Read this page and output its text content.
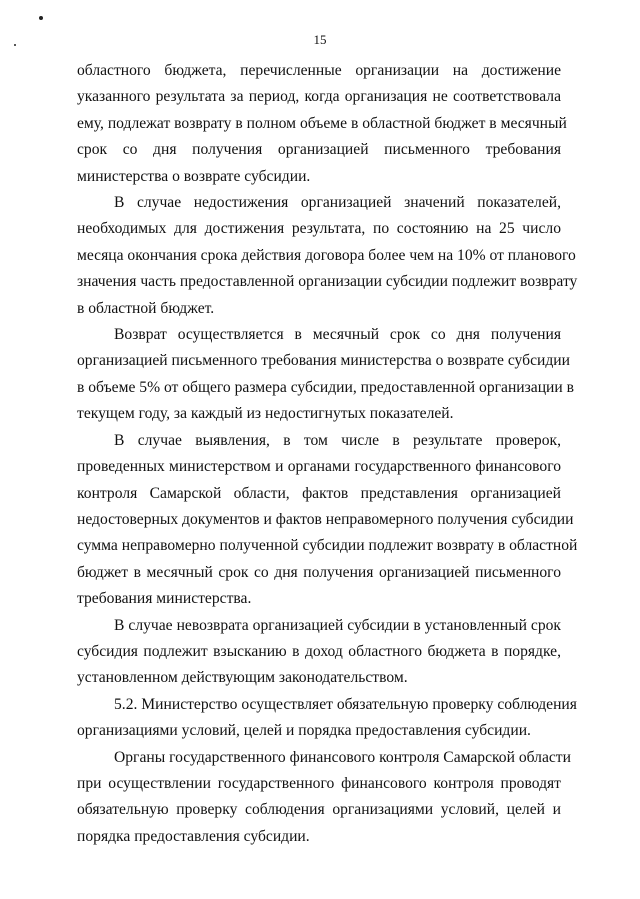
15
областного бюджета, перечисленные организации на достижение
указанного результата за период, когда организация не соответствовала
ему, подлежат возврату в полном объеме в областной бюджет в месячный
срок со дня получения организацией письменного требования
министерства о возврате субсидии.
В случае недостижения организацией значений показателей,
необходимых для достижения результата, по состоянию на 25 число
месяца окончания срока действия договора более чем на 10% от планового
значения часть предоставленной организации субсидии подлежит возврату
в областной бюджет.
Возврат осуществляется в месячный срок со дня получения
организацией письменного требования министерства о возврате субсидии
в объеме 5% от общего размера субсидии, предоставленной организации в
текущем году, за каждый из недостигнутых показателей.
В случае выявления, в том числе в результате проверок,
проведенных министерством и органами государственного финансового
контроля Самарской области, фактов представления организацией
недостоверных документов и фактов неправомерного получения субсидии
сумма неправомерно полученной субсидии подлежит возврату в областной
бюджет в месячный срок со дня получения организацией письменного
требования министерства.
В случае невозврата организацией субсидии в установленный срок
субсидия подлежит взысканию в доход областного бюджета в порядке,
установленном действующим законодательством.
5.2. Министерство осуществляет обязательную проверку соблюдения
организациями условий, целей и порядка предоставления субсидии.
Органы государственного финансового контроля Самарской области
при осуществлении государственного финансового контроля проводят
обязательную проверку соблюдения организациями условий, целей и
порядка предоставления субсидии.
